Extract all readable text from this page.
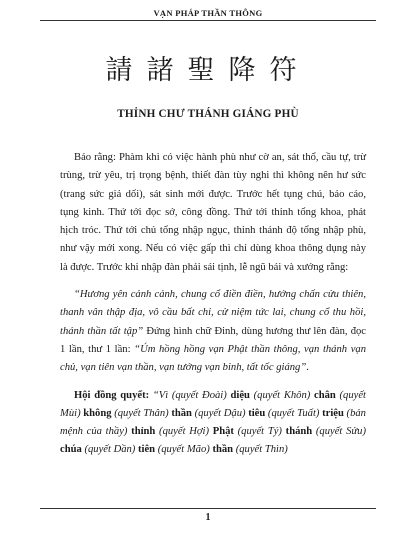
VẠN PHÁP THẦN THÔNG
請諸聖降符
THỈNH CHƯ THÁNH GIÁNG PHÙ

Bảo rằng: Phàm khi có việc hành phù như cờ an, sát thổ, cầu tự, trừ trùng, trừ yêu, trị trọng bệnh, thiết đàn tùy nghi thì không nên hư sức (trang sức giả dối), sát sinh mới được. Trước hết tụng chú, bảo cáo, tụng kinh. Thứ tới đọc sớ, công đồng. Thứ tới thỉnh tổng khoa, phát hịch tróc. Thứ tới chủ tổng nhập ngục, thỉnh thánh độ tổng nhập phù, như vậy mới xong. Nếu có việc gấp thì chỉ dùng khoa thông dụng này là được. Trước khi nhập đàn phải sái tịnh, lễ ngũ bái và xướng rằng:

“Hương yên cảnh cảnh, chung cổ điền điền, hướng chấn cửu thiên, thanh vân thập địa, vô cầu bất chỉ, cử niệm tức lai, chung cổ thu hồi, thánh thần tất tập” Đứng hình chữ Đinh, dùng hương thư lên đàn, đọc 1 lần, thư 1 lần: “Úm hồng hồng vạn Phật thần thông, vạn thánh vạn chủ, vạn tiên vạn thần, vạn tướng vạn binh, tất tốc giáng”.

Hội đồng quyết: “Vì (quyết Đoài) diệu (quyết Khôn) chân (quyết Mùi) không (quyết Thân) thần (quyết Dậu) tiêu (quyết Tuất) triệu (bản mệnh của thầy) thỉnh (quyết Hợi) Phật (quyết Tý) thánh (quyết Sửu) chúa (quyết Dần) tiên (quyết Mão) thần (quyết Thìn)

1
